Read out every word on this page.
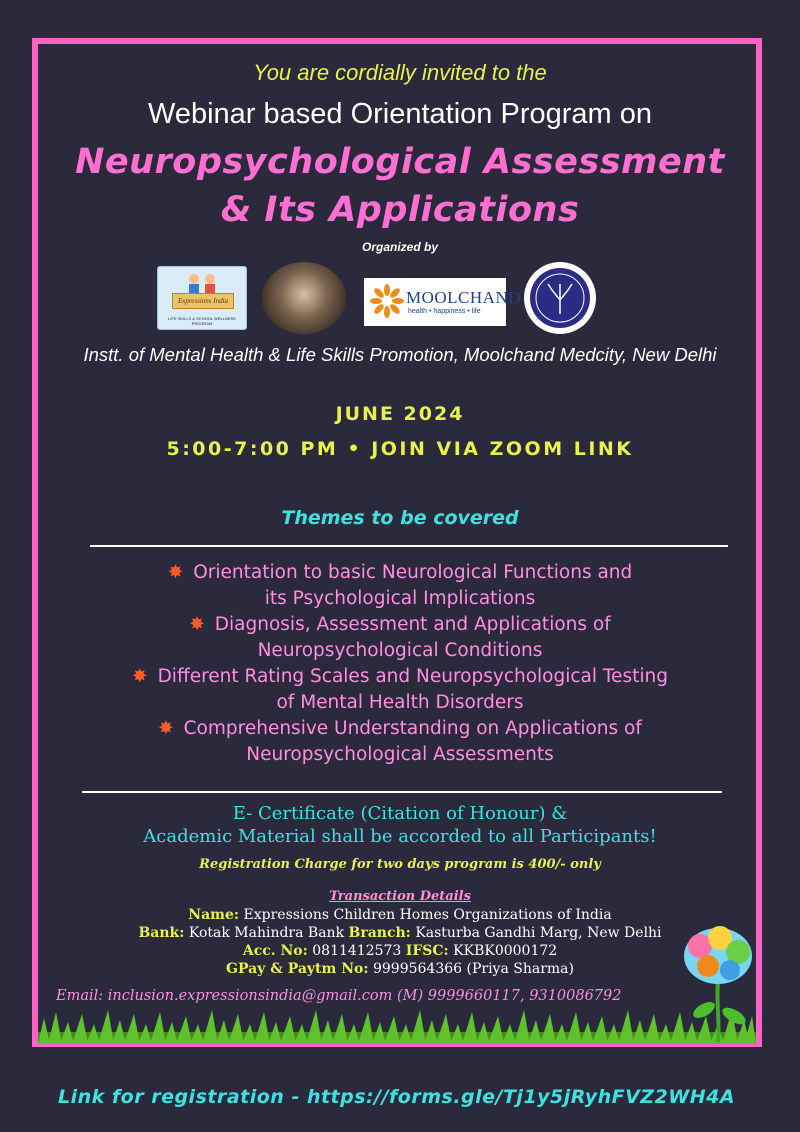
You are cordially invited to the
Webinar based Orientation Program on
Neuropsychological Assessment
& Its Applications
Organized by
Expressions India
LIFE SKILLS & SCHOOL WELLNESS PROGRAM
MOOLCHAND
health • happiness • life
Instt. of Mental Health & Life Skills Promotion, Moolchand Medcity, New Delhi
JUNE 2024
5:00-7:00 PM • JOIN VIA ZOOM LINK
Themes to be covered
✸ Orientation to basic Neurological Functions and
its Psychological Implications
✸ Diagnosis, Assessment and Applications of
Neuropsychological Conditions
✸ Different Rating Scales and Neuropsychological Testing
of Mental Health Disorders
✸ Comprehensive Understanding on Applications of
Neuropsychological Assessments
E- Certificate (Citation of Honour) &
Academic Material shall be accorded to all Participants!
Registration Charge for two days program is 400/- only
Transaction Details
Name: Expressions Children Homes Organizations of India
Bank: Kotak Mahindra Bank Branch: Kasturba Gandhi Marg, New Delhi
Acc. No: 0811412573 IFSC: KKBK0000172
GPay & Paytm No: 9999564366 (Priya Sharma)
Email: inclusion.expressionsindia@gmail.com (M) 9999660117, 9310086792
Link for registration - https://forms.gle/Tj1y5jRyhFVZ2WH4A
